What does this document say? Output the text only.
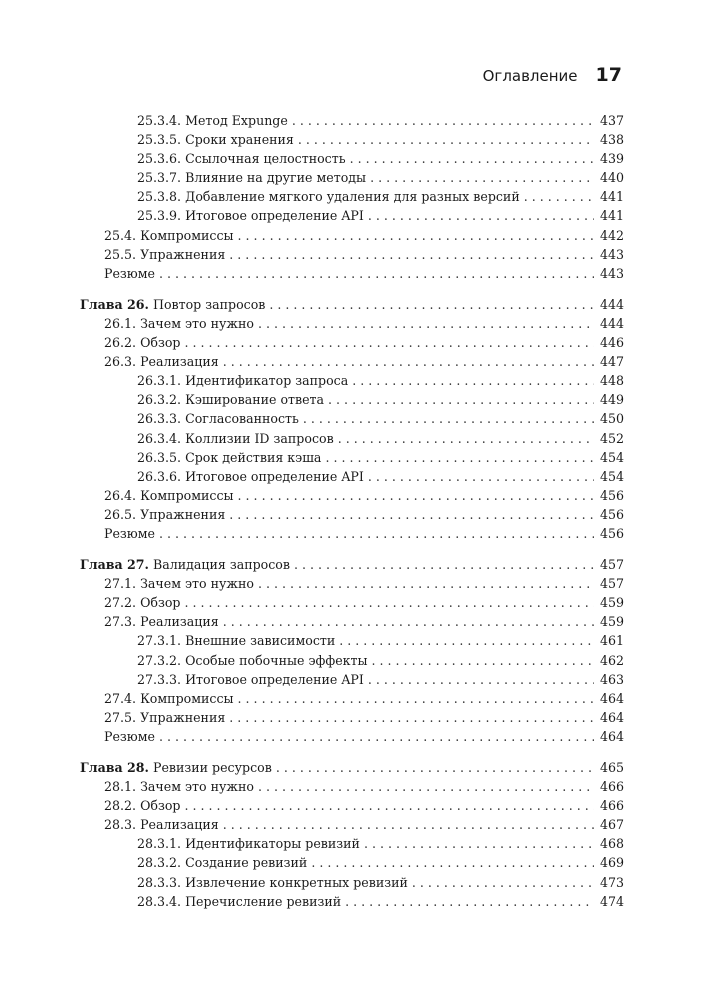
Оглавление 17
25.3.4. Метод Expunge . . .	437
25.3.5. Сроки хранения . . .	438
25.3.6. Ссылочная целостность . . .	439
25.3.7. Влияние на другие методы . . .	440
25.3.8. Добавление мягкого удаления для разных версий . . .	441
25.3.9. Итоговое определение API . . .	441
25.4. Компромиссы . . .	442
25.5. Упражнения . . .	443
Резюме . . .	443
Глава 26. Повтор запросов . . .	444
26.1. Зачем это нужно . . .	444
26.2. Обзор . . .	446
26.3. Реализация . . .	447
26.3.1. Идентификатор запроса . . .	448
26.3.2. Кэширование ответа . . .	449
26.3.3. Согласованность . . .	450
26.3.4. Коллизии ID запросов . . .	452
26.3.5. Срок действия кэша . . .	454
26.3.6. Итоговое определение API . . .	454
26.4. Компромиссы . . .	456
26.5. Упражнения . . .	456
Резюме . . .	456
Глава 27. Валидация запросов . . .	457
27.1. Зачем это нужно . . .	457
27.2. Обзор . . .	459
27.3. Реализация . . .	459
27.3.1. Внешние зависимости . . .	461
27.3.2. Особые побочные эффекты . . .	462
27.3.3. Итоговое определение API . . .	463
27.4. Компромиссы . . .	464
27.5. Упражнения . . .	464
Резюме . . .	464
Глава 28. Ревизии ресурсов . . .	465
28.1. Зачем это нужно . . .	466
28.2. Обзор . . .	466
28.3. Реализация . . .	467
28.3.1. Идентификаторы ревизий . . .	468
28.3.2. Создание ревизий . . .	469
28.3.3. Извлечение конкретных ревизий . . .	473
28.3.4. Перечисление ревизий . . .	474
